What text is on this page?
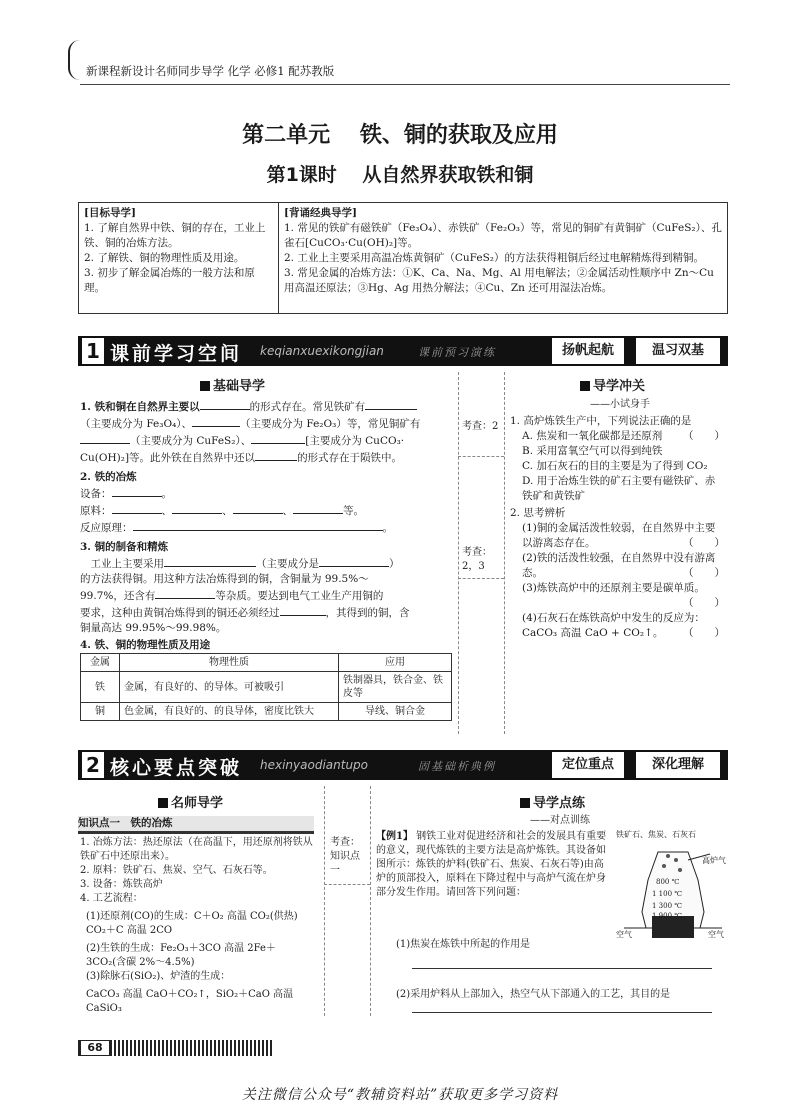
新课程新设计名师同步导学 化学 必修1 配苏教版
第二单元　 铁、铜的获取及应用
第1课时　 从自然界获取铁和铜
[目标导学]
1. 了解自然界中铁、铜的存在，工业上铁、铜的冶炼方法。
2. 了解铁、铜的物理性质及用途。
3. 初步了解金属冶炼的一般方法和原理。
[背诵经典导学]
1. 常见的铁矿有磁铁矿（Fe₃O₄）、赤铁矿（Fe₂O₃）等，常见的铜矿有黄铜矿（CuFeS₂）、孔雀石[CuCO₃·Cu(OH)₂]等。
2. 工业上主要采用高温冶炼黄铜矿（CuFeS₂）的方法获得粗铜后经过电解精炼得到精铜。
3. 常见金属的冶炼方法：①K、Ca、Na、Mg、Al 用电解法；②金属活动性顺序中 Zn～Cu 用高温还原法；③Hg、Ag 用热分解法；④Cu、Zn 还可用湿法冶炼。
1 课前学习空间 keqianxuexikongjian	课前预习演练	扬帆起航	温习双基
基础导学
1. 铁和铜在自然界主要以	的形式存在。常见铁矿有
（主要成分为 Fe₃O₄）、	（主要成分为 Fe₂O₃）等，常见铜矿有
（主要成分为 CuFeS₂）、	[主要成分为 CuCO₃·
Cu(OH)₂]等。此外铁在自然界中还以	的形式存在于陨铁中。
2. 铁的冶炼
设备：	。
原料：	、	、	、	等。
反应原理：	。
3. 铜的制备和精炼
　工业上主要采用	（主要成分是	）
的方法获得铜。用这种方法冶炼得到的铜，含铜量为 99.5%～
99.7%，还含有	等杂质。要达到电气工业生产用铜的
要求，这种由黄铜冶炼得到的铜还必须经过	，其得到的铜，含
铜量高达 99.95%～99.98%。
4. 铁、铜的物理性质及用途
金属	物理性质	应用
铁	金属，有良好的、的导体。可被吸引	铁制器具，铁合金、铁皮等
铜	色金属，有良好的、的良导体，密度比铁大	导线、铜合金
考查：2
考查：2，3
导学冲关
——小试身手
1. 高炉炼铁生产中，下列说法正确的是
（　　）
A. 焦炭和一氧化碳都是还原剂
B. 采用富氧空气可以得到纯铁
C. 加石灰石的目的主要是为了得到 CO₂
D. 用于冶炼生铁的矿石主要有磁铁矿、赤铁矿和黄铁矿
2. 思考辨析
(1)铜的金属活泼性较弱，在自然界中主要以游离态存在。	（　　）
(2)铁的活泼性较强，在自然界中没有游离态。	（　　）
(3)炼铁高炉中的还原剂主要是碳单质。
（　　）
(4)石灰石在炼铁高炉中发生的反应为：CaCO₃ 高温 CaO + CO₂↑。 （　　）
2 核心要点突破 hexinyaodiantupo	固基础析典例	定位重点	深化理解
名师导学
知识点一　铁的冶炼
1. 冶炼方法：热还原法（在高温下，用还原剂将铁从铁矿石中还原出来）。
2. 原料：铁矿石、焦炭、空气、石灰石等。
3. 设备：炼铁高炉
4. 工艺流程：
(1)还原剂(CO)的生成：C＋O₂ 高温 CO₂(供热)　CO₂＋C 高温 2CO
(2)生铁的生成：Fe₂O₃＋3CO 高温 2Fe＋3CO₂(含碳 2%～4.5%)
(3)除脉石(SiO₂)、炉渣的生成：
CaCO₃ 高温 CaO＋CO₂↑，SiO₂＋CaO 高温 CaSiO₃
考查：知识点一
导学点练
——对点训练
【例1】 钢铁工业对促进经济和社会的发展具有重要的意义，现代炼铁的主要方法是高炉炼铁。其设备如图所示：炼铁的炉料(铁矿石、焦炭、石灰石等)由高炉的顶部投入，原料在下降过程中与高炉气流在炉身部分发生作用。请回答下列问题：
(1)焦炭在炼铁中所起的作用是
(2)采用炉料从上部加入，热空气从下部通入的工艺，其目的是
铁矿石、焦炭、石灰石
高炉气
800 ℃
1 100 ℃
1 300 ℃
1 900 ℃
空气	空气
68
关注微信公众号“教辅资料站”获取更多学习资料
